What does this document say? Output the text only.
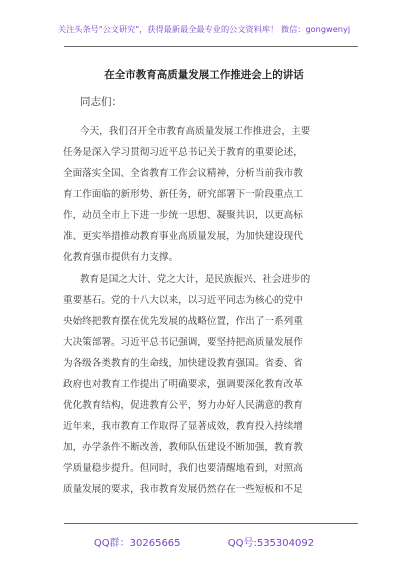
关注头条号"公文研究"，获得最新最全最专业的公文资料库！ 微信：gongwenyj
在全市教育高质量发展工作推进会上的讲话
同志们：
今天，我们召开全市教育高质量发展工作推进会，主要
任务是深入学习贯彻习近平总书记关于教育的重要论述，
全面落实全国、全省教育工作会议精神，分析当前我市教
育工作面临的新形势、新任务，研究部署下一阶段重点工
作，动员全市上下进一步统一思想、凝聚共识，以更高标
准、更实举措推动教育事业高质量发展，为加快建设现代
化教育强市提供有力支撑。
教育是国之大计、党之大计，是民族振兴、社会进步的
重要基石。党的十八大以来，以习近平同志为核心的党中
央始终把教育摆在优先发展的战略位置，作出了一系列重
大决策部署。习近平总书记强调，要坚持把高质量发展作
为各级各类教育的生命线，加快建设教育强国。省委、省
政府也对教育工作提出了明确要求，强调要深化教育改革
优化教育结构，促进教育公平，努力办好人民满意的教育
近年来，我市教育工作取得了显著成效，教育投入持续增
加，办学条件不断改善，教师队伍建设不断加强，教育教
学质量稳步提升。但同时，我们也要清醒地看到，对照高
质量发展的要求，我市教育发展仍然存在一些短板和不足
QQ群：30265665	QQ号:535304092
